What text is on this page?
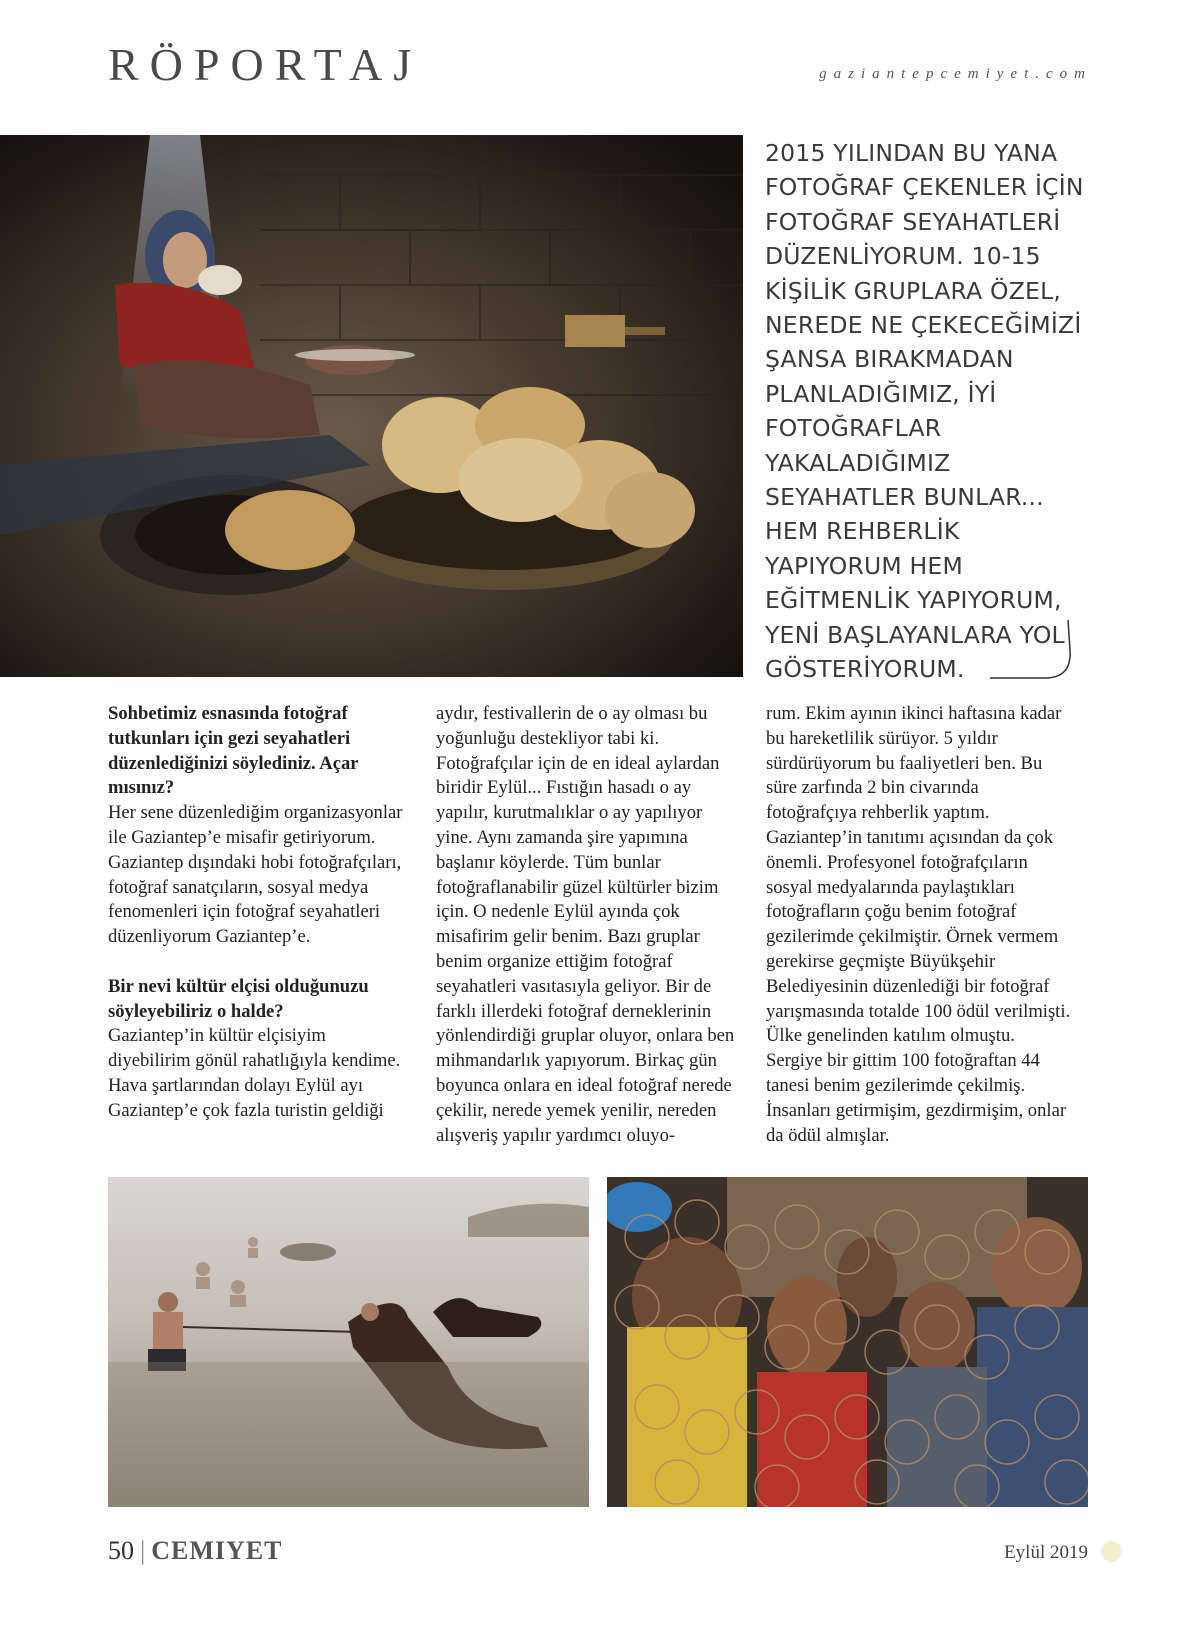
RÖPORTAJ	gaziantepcemiyet.com
2015 YILINDAN BU YANA FOTOĞRAF ÇEKENLER İÇİN FOTOĞRAF SEYAHATLERİ DÜZENLİYORUM. 10-15 KİŞİLİK GRUPLARA ÖZEL, NEREDE NE ÇEKECEĞİMİZİ ŞANSA BIRAKMADAN PLANLADIĞIMIZ, İYİ FOTOĞRAFLAR YAKALADIĞIMIZ SEYAHATLER BUNLAR... HEM REHBERLİK YAPIYORUM HEM EĞİTMENLİK YAPIYORUM, YENİ BAŞLAYANLARA YOL GÖSTERİYORUM.

Sohbetimiz esnasında fotoğraf tutkunları için gezi seyahatleri düzenlediğinizi söylediniz. Açar mısınız?

Her sene düzenlediğim organizasyonlar ile Gaziantep’e misafir getiriyorum. Gaziantep dışındaki hobi fotoğrafçıları, fotoğraf sanatçıların, sosyal medya fenomenleri için fotoğraf seyahatleri düzenliyorum Gaziantep’e.

Bir nevi kültür elçisi olduğunuzu söyleyebiliriz o halde?

Gaziantep’in kültür elçisiyim diyebilirim gönül rahatlığıyla kendime. Hava şartlarından dolayı Eylül ayı Gaziantep’e çok fazla turistin geldiği

aydır, festivallerin de o ay olması bu yoğunluğu destekliyor tabi ki. Fotoğrafçılar için de en ideal aylardan biridir Eylül... Fıstığın hasadı o ay yapılır, kurutmalıklar o ay yapılıyor yine. Aynı zamanda şire yapımına başlanır köylerde. Tüm bunlar fotoğraflanabilir güzel kültürler bizim için. O nedenle Eylül ayında çok misafirim gelir benim. Bazı gruplar benim organize ettiğim fotoğraf seyahatleri vasıtasıyla geliyor. Bir de farklı illerdeki fotoğraf derneklerinin yönlendirdiği gruplar oluyor, onlara ben mihmandarlık yapıyorum. Birkaç gün boyunca onlara en ideal fotoğraf nerede çekilir, nerede yemek yenilir, nereden alışveriş yapılır yardımcı oluyo-

rum. Ekim ayının ikinci haftasına kadar bu hareketlilik sürüyor. 5 yıldır sürdürüyorum bu faaliyetleri ben. Bu süre zarfında 2 bin civarında fotoğrafçıya rehberlik yaptım. Gaziantep’in tanıtımı açısından da çok önemli. Profesyonel fotoğrafçıların sosyal medyalarında paylaştıkları fotoğrafların çoğu benim fotoğraf gezilerimde çekilmiştir. Örnek vermem gerekirse geçmişte Büyükşehir Belediyesinin düzenlediği bir fotoğraf yarışmasında totalde 100 ödül verilmişti. Ülke genelinden katılım olmuştu. Sergiye bir gittim 100 fotoğraftan 44 tanesi benim gezilerimde çekilmiş. İnsanları getirmişim, gezdirmişim, onlar da ödül almışlar.

50 | CEMIYET	Eylül 2019
